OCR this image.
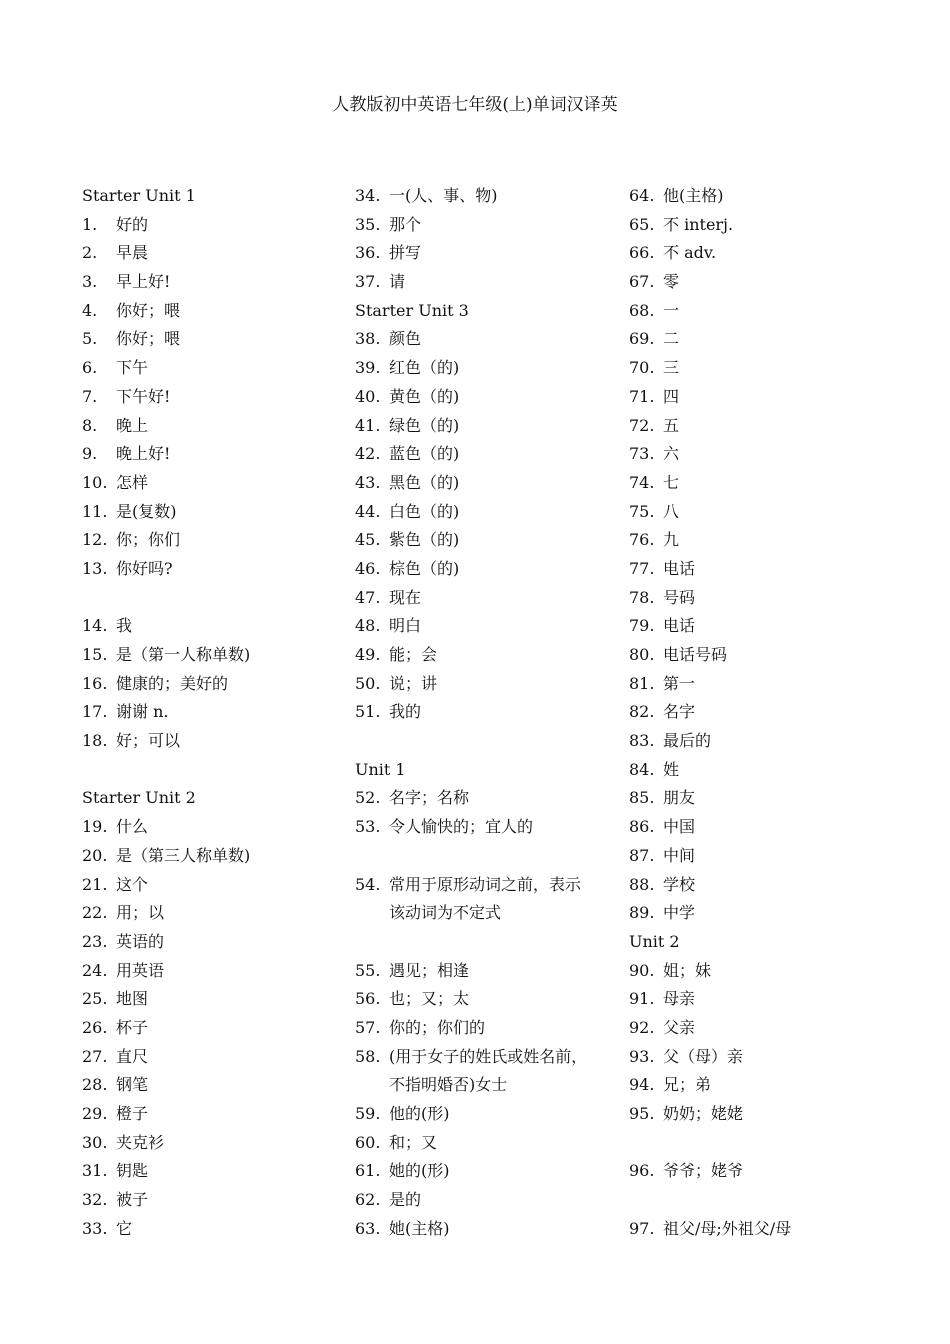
人教版初中英语七年级(上)单词汉译英
Starter Unit 1
1.	好的
2.	早晨
3.	早上好!
4.	你好；喂
5.	你好；喂
6.	下午
7.	下午好!
8.	晚上
9.	晚上好!
10. 怎样
11. 是(复数)
12. 你；你们
13. 你好吗?
14. 我
15. 是（第一人称单数)
16. 健康的；美好的
17. 谢谢 n.
18. 好；可以
Starter Unit 2
19. 什么
20. 是（第三人称单数)
21. 这个
22. 用；以
23. 英语的
24. 用英语
25. 地图
26. 杯子
27. 直尺
28. 钢笔
29. 橙子
30. 夹克衫
31. 钥匙
32. 被子
33. 它
34. 一(人、事、物)
35. 那个
36. 拼写
37. 请
Starter Unit 3
38. 颜色
39. 红色（的)
40. 黄色（的)
41. 绿色（的)
42. 蓝色（的)
43. 黑色（的)
44. 白色（的)
45. 紫色（的)
46. 棕色（的)
47. 现在
48. 明白
49. 能；会
50. 说；讲
51. 我的
Unit 1
52. 名字；名称
53. 令人愉快的；宜人的
54. 常用于原形动词之前，表示
该动词为不定式
55. 遇见；相逢
56. 也；又；太
57. 你的；你们的
58. (用于女子的姓氏或姓名前，
不指明婚否)女士
59. 他的(形)
60. 和；又
61. 她的(形)
62. 是的
63. 她(主格)
64. 他(主格)
65. 不 interj.
66. 不 adv.
67. 零
68. 一
69. 二
70. 三
71. 四
72. 五
73. 六
74. 七
75. 八
76. 九
77. 电话
78. 号码
79. 电话
80. 电话号码
81. 第一
82. 名字
83. 最后的
84. 姓
85. 朋友
86. 中国
87. 中间
88. 学校
89. 中学
Unit 2
90. 姐；妹
91. 母亲
92. 父亲
93. 父（母）亲
94. 兄；弟
95. 奶奶；姥姥
96. 爷爷；姥爷
97. 祖父/母;外祖父/母
